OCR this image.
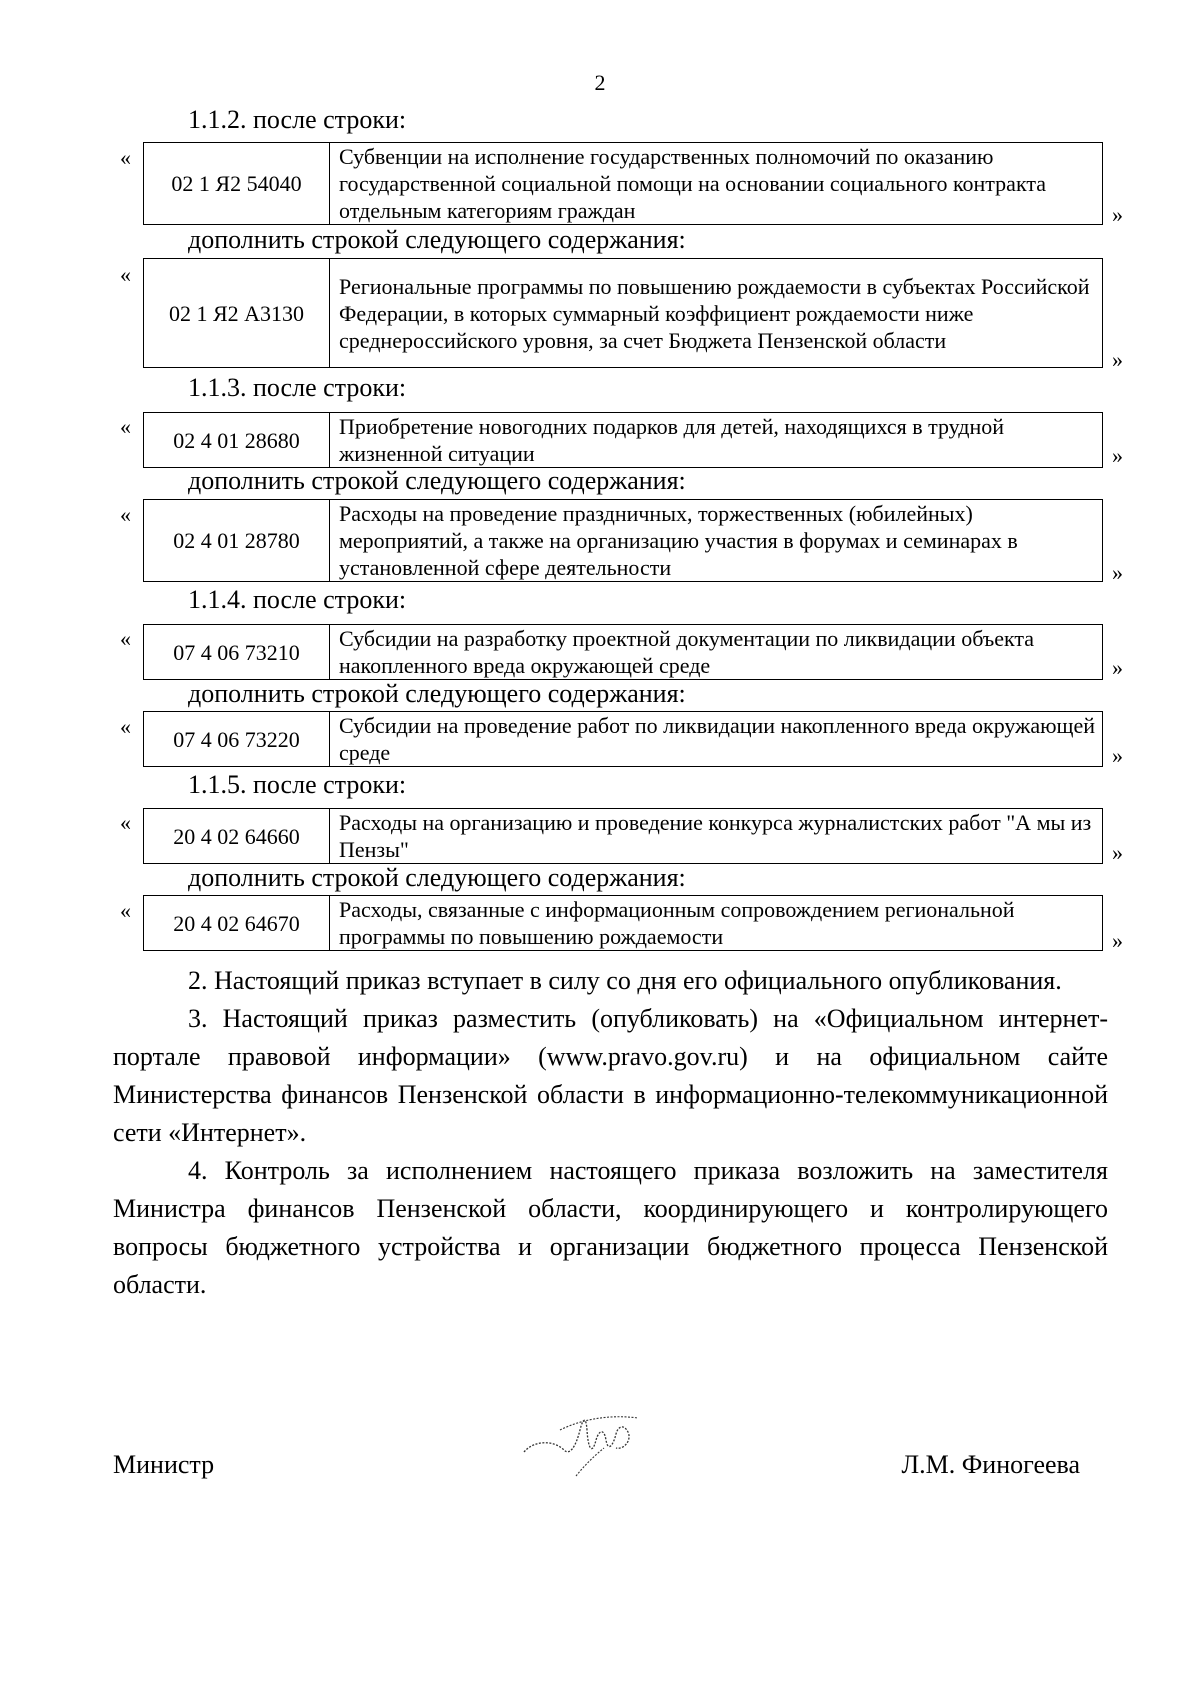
2
1.1.2. после строки:
«
02 1 Я2 54040	Субвенции на исполнение государственных полномочий по оказанию государственной социальной помощи на основании социального контракта отдельным категориям граждан	»
дополнить строкой следующего содержания:
«
02 1 Я2 А3130	Региональные программы по повышению рождаемости в субъектах Российской Федерации, в которых суммарный коэффициент рождаемости ниже среднероссийского уровня, за счет Бюджета Пензенской области
»
1.1.3. после строки:
«
02 4 01 28680	Приобретение новогодних подарков для детей, находящихся в трудной жизненной ситуации	»
дополнить строкой следующего содержания:
«
02 4 01 28780	Расходы на проведение праздничных, торжественных (юбилейных) мероприятий, а также на организацию участия в форумах и семинарах в установленной сфере деятельности	»
1.1.4. после строки:
«
07 4 06 73210	Субсидии на разработку проектной документации по ликвидации объекта накопленного вреда окружающей среде	»
дополнить строкой следующего содержания:
« 07 4 06 73220	Субсидии на проведение работ по ликвидации накопленного вреда окружающей среде	»
1.1.5. после строки:
«
20 4 02 64660	Расходы на организацию и проведение конкурса журналистских работ "А мы из Пензы"	»
дополнить строкой следующего содержания:
« 20 4 02 64670	Расходы, связанные с информационным сопровождением региональной программы по повышению рождаемости	»

2. Настоящий приказ вступает в силу со дня его официального опубликования.

3. Настоящий приказ разместить (опубликовать) на «Официальном интернет-портале правовой информации» (www.pravo.gov.ru) и на официальном сайте Министерства финансов Пензенской области в информационно-телекоммуникационной сети «Интернет».

4. Контроль за исполнением настоящего приказа возложить на заместителя Министра финансов Пензенской области, координирующего и контролирующего вопросы бюджетного устройства и организации бюджетного процесса Пензенской области.

Министр	Л.М. Финогеева
